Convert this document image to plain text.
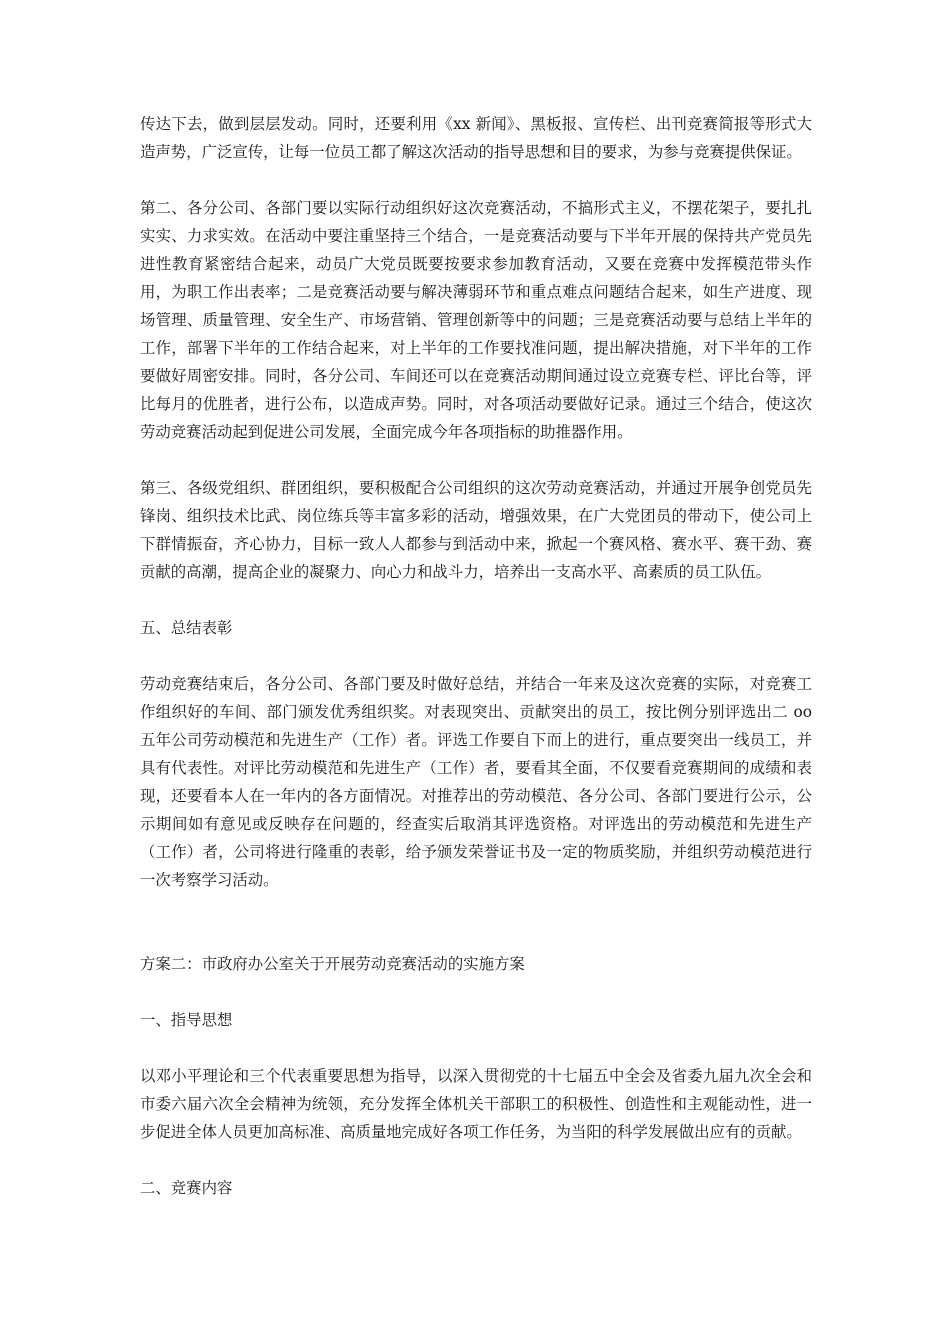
传达下去，做到层层发动。同时，还要利用《xx 新闻》、黑板报、宣传栏、出刊竞赛简报等形式大造声势，广泛宣传，让每一位员工都了解这次活动的指导思想和目的要求，为参与竞赛提供保证。

第二、各分公司、各部门要以实际行动组织好这次竞赛活动，不搞形式主义，不摆花架子，要扎扎实实、力求实效。在活动中要注重坚持三个结合，一是竞赛活动要与下半年开展的保持共产党员先进性教育紧密结合起来，动员广大党员既要按要求参加教育活动，又要在竞赛中发挥模范带头作用，为职工作出表率；二是竞赛活动要与解决薄弱环节和重点难点问题结合起来，如生产进度、现场管理、质量管理、安全生产、市场营销、管理创新等中的问题；三是竞赛活动要与总结上半年的工作，部署下半年的工作结合起来，对上半年的工作要找准问题，提出解决措施，对下半年的工作要做好周密安排。同时，各分公司、车间还可以在竞赛活动期间通过设立竞赛专栏、评比台等，评比每月的优胜者，进行公布，以造成声势。同时，对各项活动要做好记录。通过三个结合，使这次劳动竞赛活动起到促进公司发展，全面完成今年各项指标的助推器作用。

第三、各级党组织、群团组织，要积极配合公司组织的这次劳动竞赛活动，并通过开展争创党员先锋岗、组织技术比武、岗位练兵等丰富多彩的活动，增强效果，在广大党团员的带动下，使公司上下群情振奋，齐心协力，目标一致人人都参与到活动中来，掀起一个赛风格、赛水平、赛干劲、赛贡献的高潮，提高企业的凝聚力、向心力和战斗力，培养出一支高水平、高素质的员工队伍。

五、总结表彰

劳动竞赛结束后，各分公司、各部门要及时做好总结，并结合一年来及这次竞赛的实际，对竞赛工作组织好的车间、部门颁发优秀组织奖。对表现突出、贡献突出的员工，按比例分别评选出二 oo 五年公司劳动模范和先进生产（工作）者。评选工作要自下而上的进行，重点要突出一线员工，并具有代表性。对评比劳动模范和先进生产（工作）者，要看其全面，不仅要看竞赛期间的成绩和表现，还要看本人在一年内的各方面情况。对推荐出的劳动模范、各分公司、各部门要进行公示，公示期间如有意见或反映存在问题的，经查实后取消其评选资格。对评选出的劳动模范和先进生产（工作）者，公司将进行隆重的表彰，给予颁发荣誉证书及一定的物质奖励，并组织劳动模范进行一次考察学习活动。

方案二：市政府办公室关于开展劳动竞赛活动的实施方案

一、指导思想

以邓小平理论和三个代表重要思想为指导，以深入贯彻党的十七届五中全会及省委九届九次全会和市委六届六次全会精神为统领，充分发挥全体机关干部职工的积极性、创造性和主观能动性，进一步促进全体人员更加高标准、高质量地完成好各项工作任务，为当阳的科学发展做出应有的贡献。

二、竞赛内容
